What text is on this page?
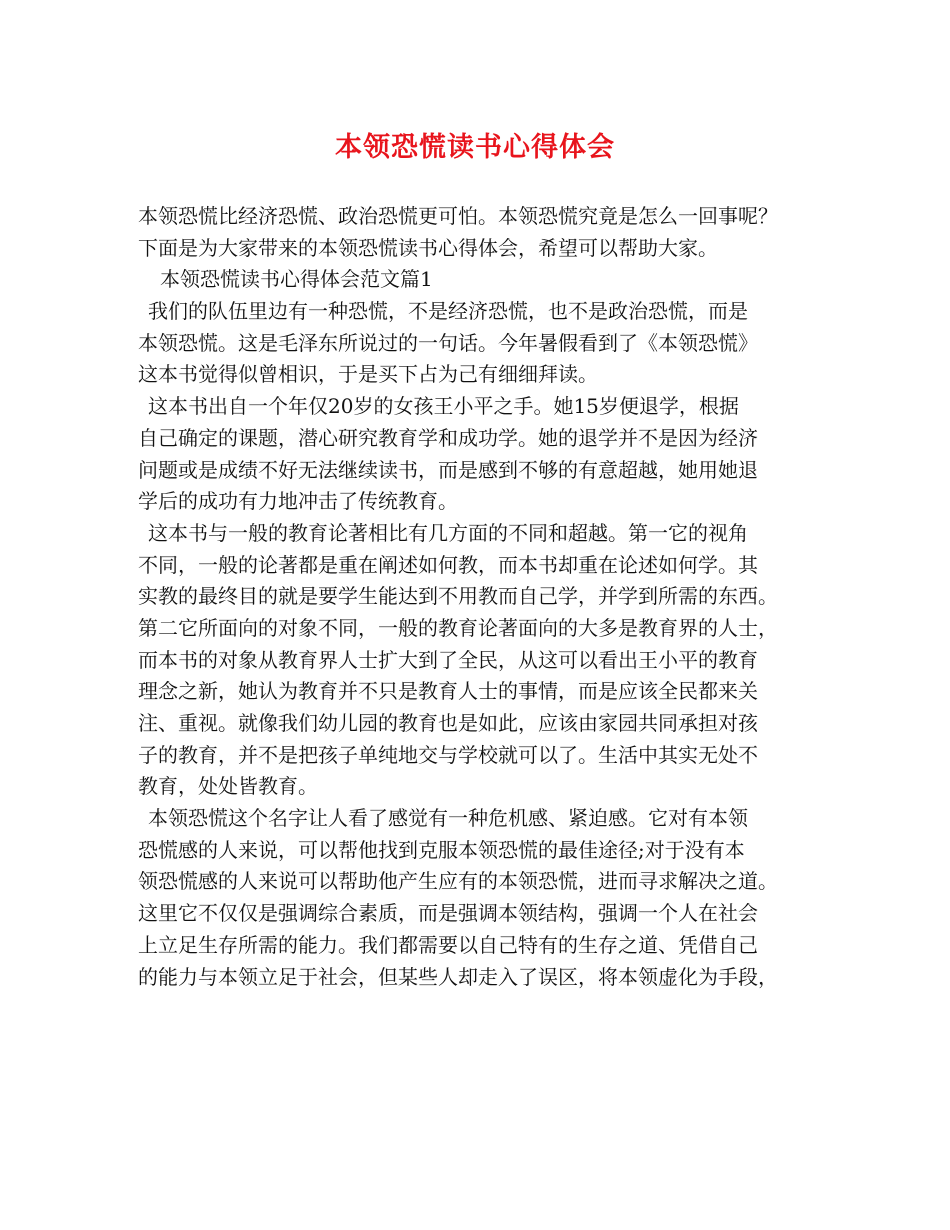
本领恐慌读书心得体会
本领恐慌比经济恐慌、政治恐慌更可怕。本领恐慌究竟是怎么一回事呢？
下面是为大家带来的本领恐慌读书心得体会，希望可以帮助大家。
本领恐慌读书心得体会范文篇1
我们的队伍里边有一种恐慌，不是经济恐慌，也不是政治恐慌，而是
本领恐慌。这是毛泽东所说过的一句话。今年暑假看到了《本领恐慌》
这本书觉得似曾相识，于是买下占为己有细细拜读。
这本书出自一个年仅20岁的女孩王小平之手。她15岁便退学，根据
自己确定的课题，潜心研究教育学和成功学。她的退学并不是因为经济
问题或是成绩不好无法继续读书，而是感到不够的有意超越，她用她退
学后的成功有力地冲击了传统教育。
这本书与一般的教育论著相比有几方面的不同和超越。第一它的视角
不同，一般的论著都是重在阐述如何教，而本书却重在论述如何学。其
实教的最终目的就是要学生能达到不用教而自己学，并学到所需的东西。
第二它所面向的对象不同，一般的教育论著面向的大多是教育界的人士，
而本书的对象从教育界人士扩大到了全民，从这可以看出王小平的教育
理念之新，她认为教育并不只是教育人士的事情，而是应该全民都来关
注、重视。就像我们幼儿园的教育也是如此，应该由家园共同承担对孩
子的教育，并不是把孩子单纯地交与学校就可以了。生活中其实无处不
教育，处处皆教育。
本领恐慌这个名字让人看了感觉有一种危机感、紧迫感。它对有本领
恐慌感的人来说，可以帮他找到克服本领恐慌的最佳途径;对于没有本
领恐慌感的人来说可以帮助他产生应有的本领恐慌，进而寻求解决之道。
这里它不仅仅是强调综合素质，而是强调本领结构，强调一个人在社会
上立足生存所需的能力。我们都需要以自己特有的生存之道、凭借自己
的能力与本领立足于社会，但某些人却走入了误区，将本领虚化为手段，
